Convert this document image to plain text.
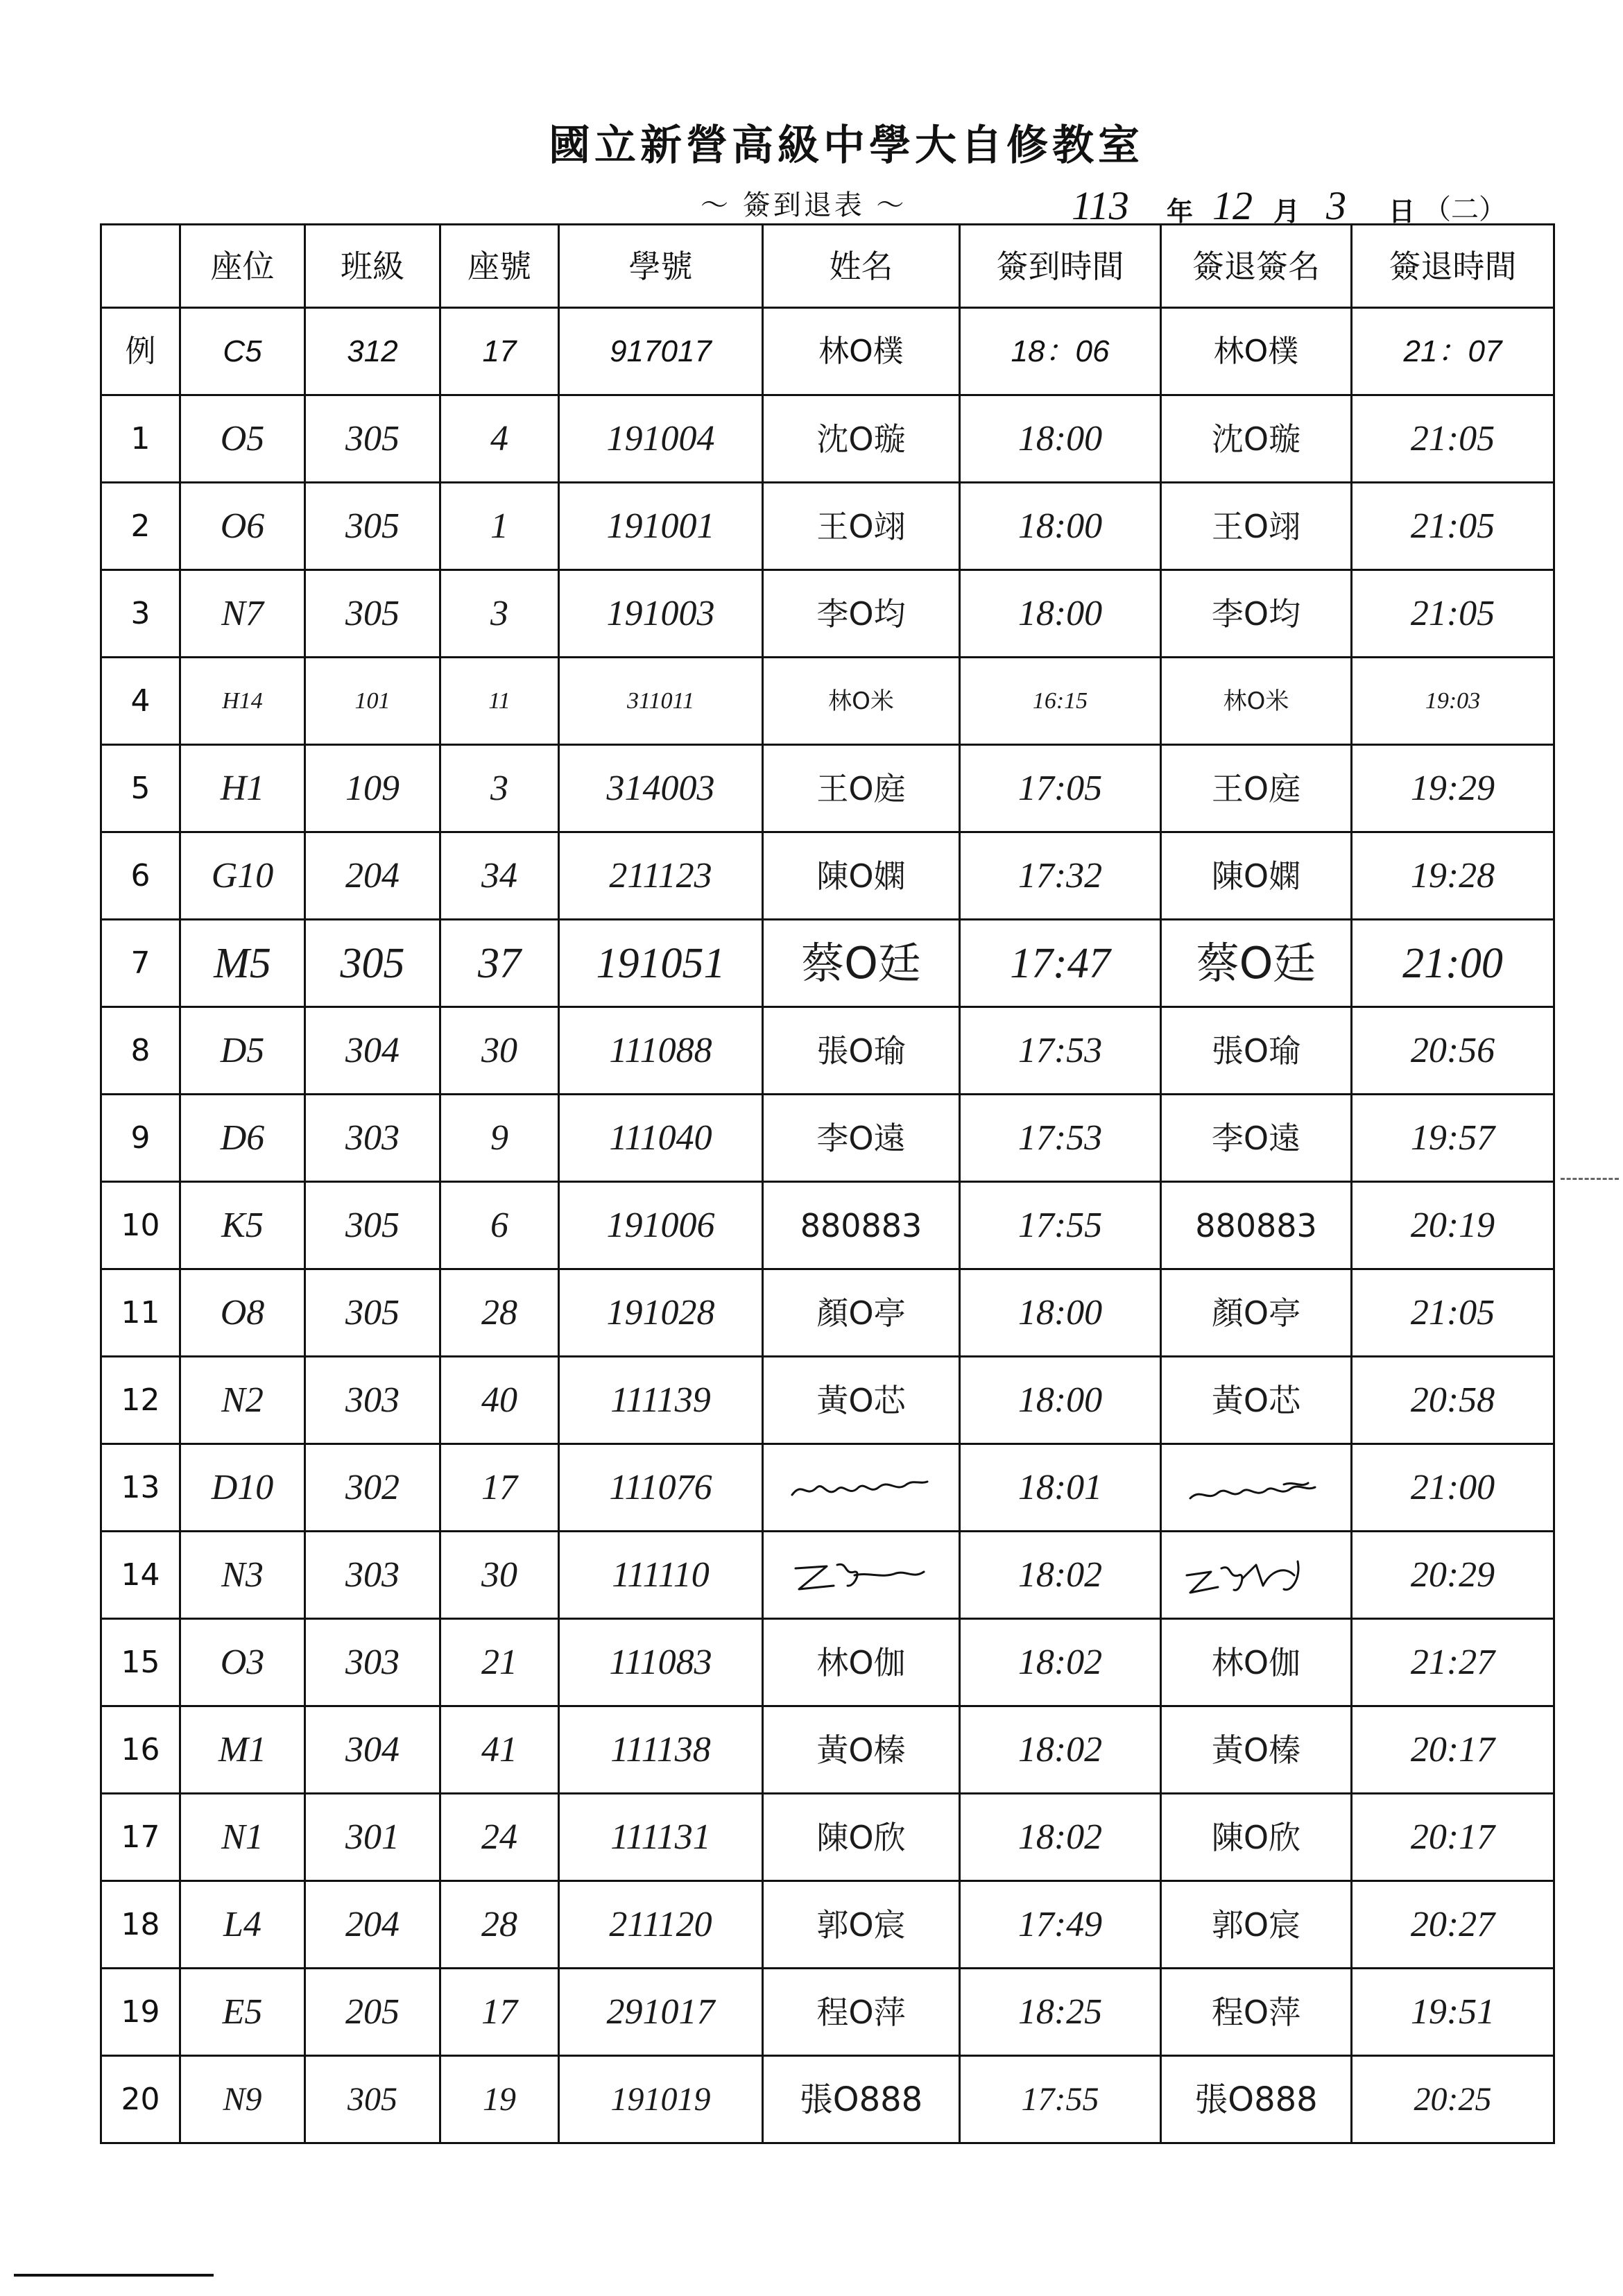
國立新營高級中學大自修教室
～ 簽到退表 ～	113 年 12 月 3 日 （二）
	座位	班級	座號	學號	姓名	簽到時間	簽退簽名	簽退時間
例	C5	312	17	917017	林O樸	18：06	林O樸	21：07
1	O5	305	4	191004	沈O璇	18:00	沈O璇	21:05
2	O6	305	1	191001	王O翊	18:00	王O翊	21:05
3	N7	305	3	191003	李O均	18:00	李O均	21:05
4	H14	101	11	311011	林O米	16:15	林O米	19:03
5	H1	109	3	314003	王O庭	17:05	王O庭	19:29
6	G10	204	34	211123	陳O嫻	17:32	陳O嫻	19:28
7	M5	305	37	191051	蔡O廷	17:47	蔡O廷	21:00
8	D5	304	30	111088	張O瑜	17:53	張O瑜	20:56
9	D6	303	9	111040	李O遠	17:53	李O遠	19:57
10	K5	305	6	191006	880883	17:55	880883	20:19
11	O8	305	28	191028	顏O亭	18:00	顏O亭	21:05
12	N2	303	40	111139	黃O芯	18:00	黃O芯	20:58
13	D10	302	17	111076		18:01		21:00
14	N3	303	30	111110		18:02		20:29
15	O3	303	21	111083	林O伽	18:02	林O伽	21:27
16	M1	304	41	111138	黃O榛	18:02	黃O榛	20:17
17	N1	301	24	111131	陳O欣	18:02	陳O欣	20:17
18	L4	204	28	211120	郭O宸	17:49	郭O宸	20:27
19	E5	205	17	291017	程O萍	18:25	程O萍	19:51
20	N9	305	19	191019	張O888	17:55	張O888	20:25
